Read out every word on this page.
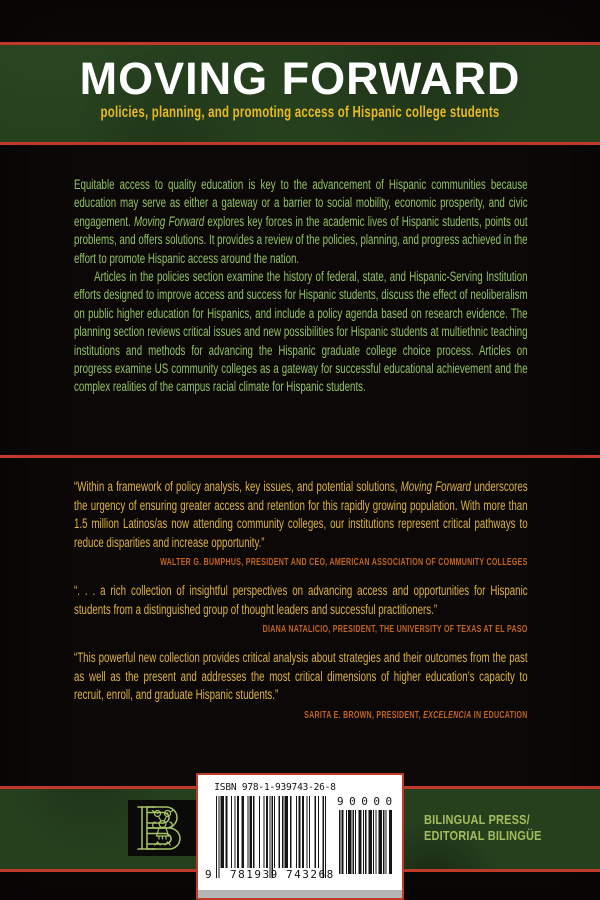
MOVING FORWARD
policies, planning, and promoting access of Hispanic college students

Equitable access to quality education is key to the advancement of Hispanic communities because education may serve as either a gateway or a barrier to social mobility, economic prosperity, and civic engagement. Moving Forward explores key forces in the academic lives of Hispanic students, points out problems, and offers solutions. It provides a review of the policies, planning, and progress achieved in the effort to promote Hispanic access around the nation.

Articles in the policies section examine the history of federal, state, and Hispanic-Serving Institution efforts designed to improve access and success for Hispanic students, discuss the effect of neoliberalism on public higher education for Hispanics, and include a policy agenda based on research evidence. The planning section reviews critical issues and new possibilities for Hispanic students at multiethnic teaching institutions and methods for advancing the Hispanic graduate college choice process. Articles on progress examine US community colleges as a gateway for successful educational achievement and the complex realities of the campus racial climate for Hispanic students.

“Within a framework of policy analysis, key issues, and potential solutions, Moving Forward underscores the urgency of ensuring greater access and retention for this rapidly growing population. With more than 1.5 million Latinos/as now attending community colleges, our institutions represent critical pathways to reduce disparities and increase opportunity.”

WALTER G. BUMPHUS, PRESIDENT AND CEO, AMERICAN ASSOCIATION OF COMMUNITY COLLEGES

“. . . a rich collection of insightful perspectives on advancing access and opportunities for Hispanic students from a distinguished group of thought leaders and successful practitioners.”

DIANA NATALICIO, PRESIDENT, THE UNIVERSITY OF TEXAS AT EL PASO

“This powerful new collection provides critical analysis about strategies and their outcomes from the past as well as the present and addresses the most critical dimensions of higher education’s capacity to recruit, enroll, and graduate Hispanic students.”

SARITA E. BROWN, PRESIDENT, EXCELENCIA IN EDUCATION
BILINGUAL PRESS/
EDITORIAL BILINGÜE
ISBN 978-1-939743-26-8
9 781939 743268
90000
